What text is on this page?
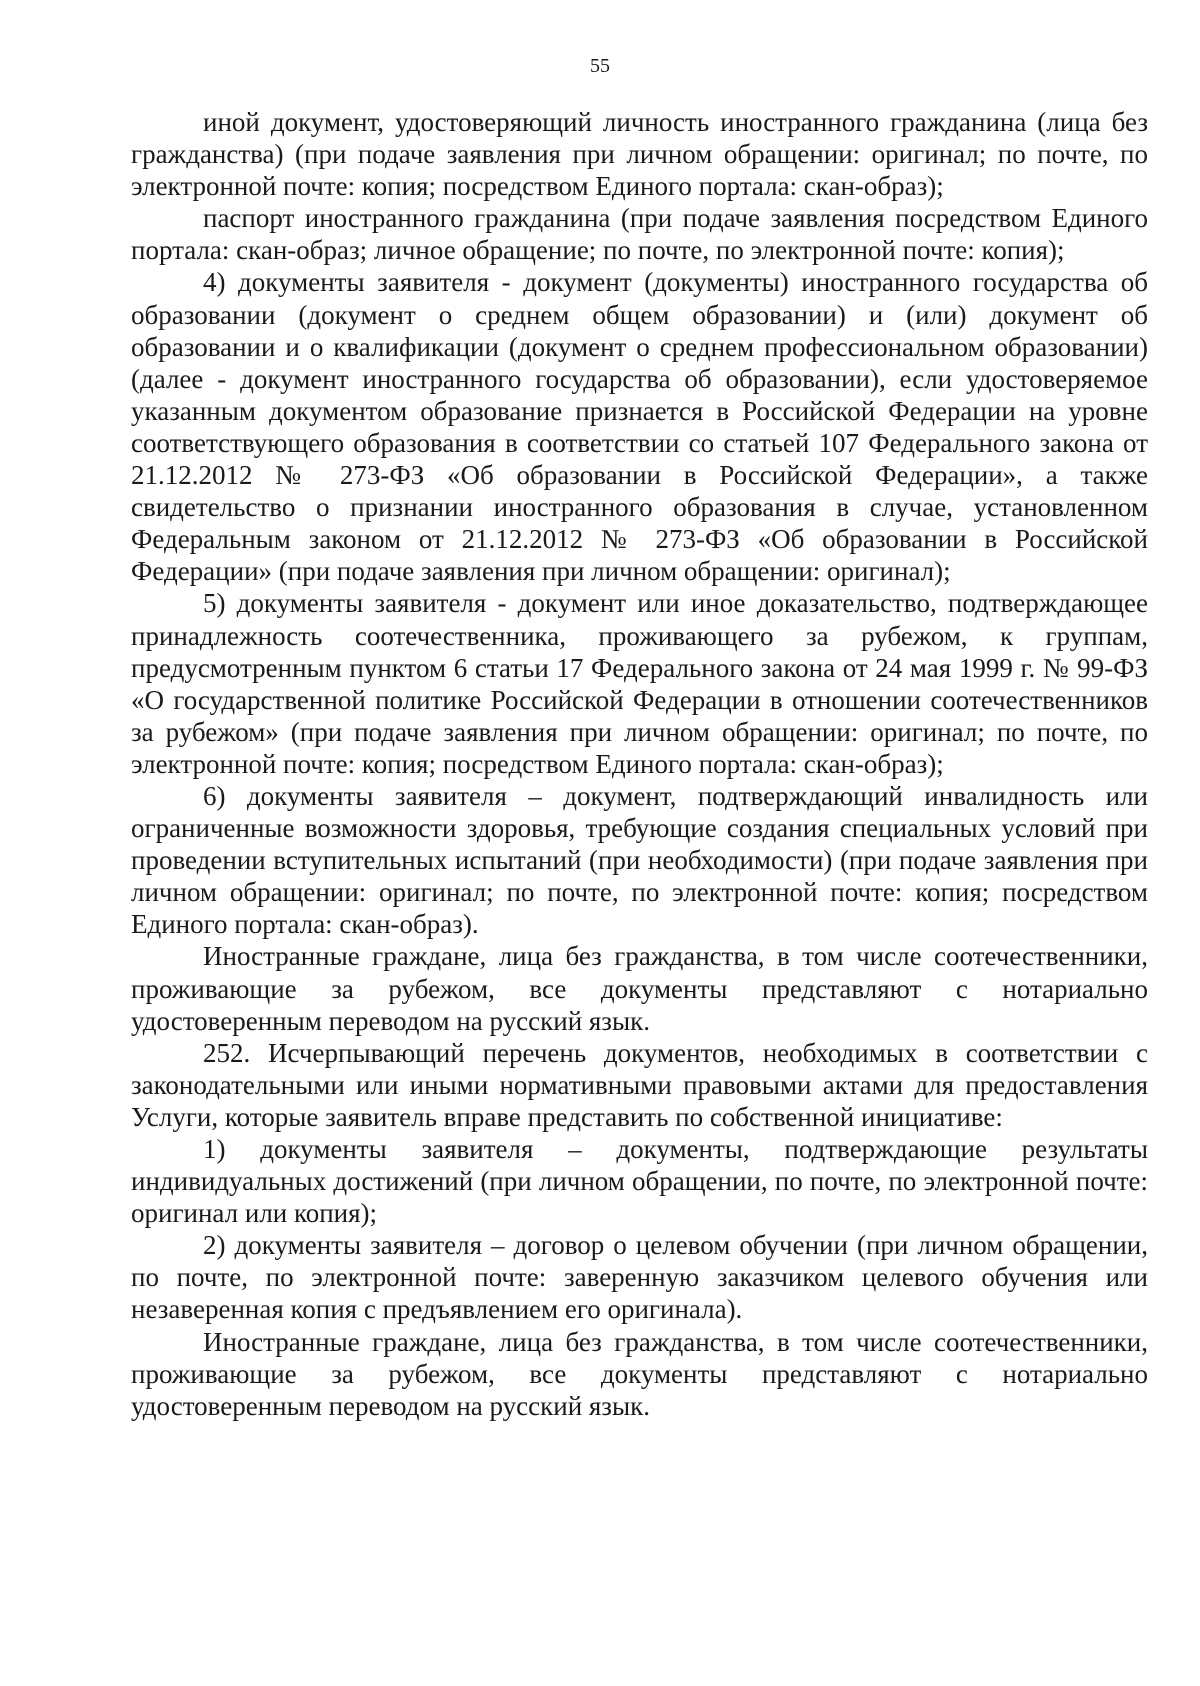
55

иной документ, удостоверяющий личность иностранного гражданина (лица без гражданства) (при подаче заявления при личном обращении: оригинал; по почте, по электронной почте: копия; посредством Единого портала: скан-образ);

паспорт иностранного гражданина (при подаче заявления посредством Единого портала: скан-образ; личное обращение; по почте, по электронной почте: копия);

4) документы заявителя - документ (документы) иностранного государства об образовании (документ о среднем общем образовании) и (или) документ об образовании и о квалификации (документ о среднем профессиональном образовании) (далее - документ иностранного государства об образовании), если удостоверяемое указанным документом образование признается в Российской Федерации на уровне соответствующего образования в соответствии со статьей 107 Федерального закона от 21.12.2012 № 273-ФЗ «Об образовании в Российской Федерации», а также свидетельство о признании иностранного образования в случае, установленном Федеральным законом от 21.12.2012 № 273-ФЗ «Об образовании в Российской Федерации» (при подаче заявления при личном обращении: оригинал);

5) документы заявителя - документ или иное доказательство, подтверждающее принадлежность соотечественника, проживающего за рубежом, к группам, предусмотренным пунктом 6 статьи 17 Федерального закона от 24 мая 1999 г. № 99-ФЗ «О государственной политике Российской Федерации в отношении соотечественников за рубежом» (при подаче заявления при личном обращении: оригинал; по почте, по электронной почте: копия; посредством Единого портала: скан-образ);

6) документы заявителя – документ, подтверждающий инвалидность или ограниченные возможности здоровья, требующие создания специальных условий при проведении вступительных испытаний (при необходимости) (при подаче заявления при личном обращении: оригинал; по почте, по электронной почте: копия; посредством Единого портала: скан-образ).

Иностранные граждане, лица без гражданства, в том числе соотечественники, проживающие за рубежом, все документы представляют с нотариально удостоверенным переводом на русский язык.

252. Исчерпывающий перечень документов, необходимых в соответствии с законодательными или иными нормативными правовыми актами для предоставления Услуги, которые заявитель вправе представить по собственной инициативе:

1) документы заявителя – документы, подтверждающие результаты индивидуальных достижений (при личном обращении, по почте, по электронной почте: оригинал или копия);

2) документы заявителя – договор о целевом обучении (при личном обращении, по почте, по электронной почте: заверенную заказчиком целевого обучения или незаверенная копия с предъявлением его оригинала).

Иностранные граждане, лица без гражданства, в том числе соотечественники, проживающие за рубежом, все документы представляют с нотариально удостоверенным переводом на русский язык.
